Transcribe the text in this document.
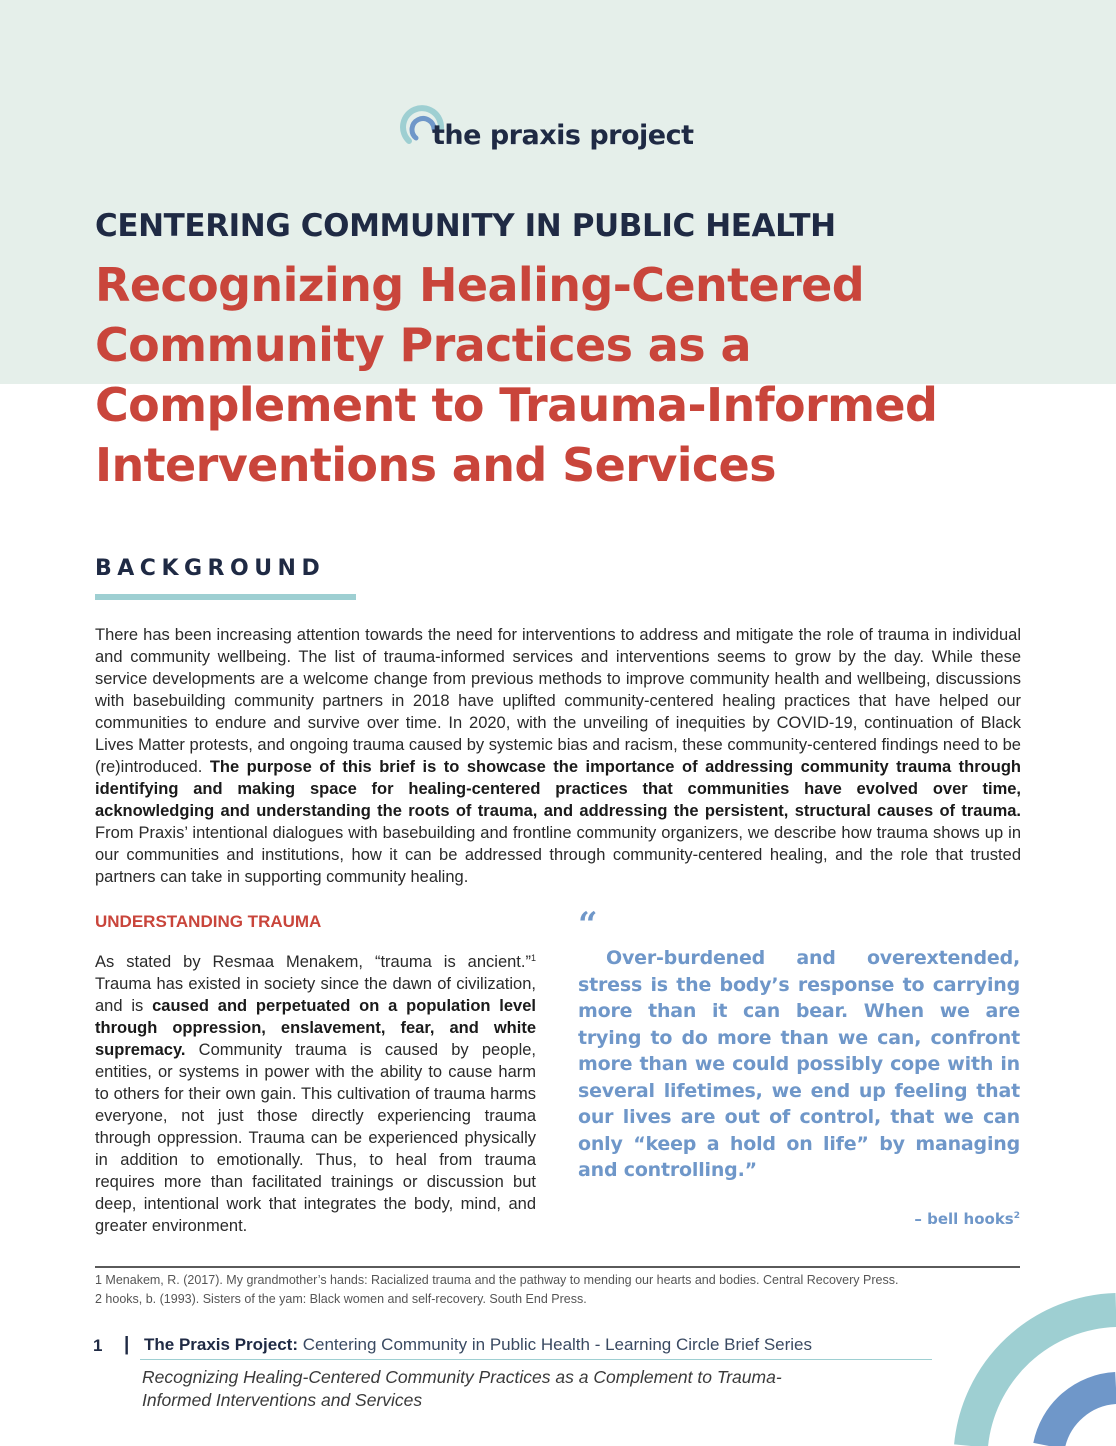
the praxis project
CENTERING COMMUNITY IN PUBLIC HEALTH
Recognizing Healing-Centered
Community Practices as a
Complement to Trauma-Informed
Interventions and Services
BACKGROUND

There has been increasing attention towards the need for interventions to address and mitigate the role of trauma in individual and community wellbeing. The list of trauma-informed services and interventions seems to grow by the day. While these service developments are a welcome change from previous methods to improve community health and wellbeing, discussions with basebuilding community partners in 2018 have uplifted community-centered healing practices that have helped our communities to endure and survive over time. In 2020, with the unveiling of inequities by COVID-19, continuation of Black Lives Matter protests, and ongoing trauma caused by systemic bias and racism, these community-centered findings need to be (re)introduced. The purpose of this brief is to showcase the importance of addressing community trauma through identifying and making space for healing-centered practices that communities have evolved over time, acknowledging and understanding the roots of trauma, and addressing the persistent, structural causes of trauma. From Praxis’ intentional dialogues with basebuilding and frontline community organizers, we describe how trauma shows up in our communities and institutions, how it can be addressed through community-centered healing, and the role that trusted partners can take in supporting community healing.

UNDERSTANDING TRAUMA

As stated by Resmaa Menakem, “trauma is ancient.”$^1$ Trauma has existed in society since the dawn of civilization, and is caused and perpetuated on a population level through oppression, enslavement, fear, and white supremacy. Community trauma is caused by people, entities, or systems in power with the ability to cause harm to others for their own gain. This cultivation of trauma harms everyone, not just those directly experiencing trauma through oppression. Trauma can be experienced physically in addition to emotionally. Thus, to heal from trauma requires more than facilitated trainings or discussion but deep, intentional work that integrates the body, mind, and greater environment.

“

Over-burdened and overextended, stress is the body’s response to carrying more than it can bear. When we are trying to do more than we can, confront more than we could possibly cope with in several lifetimes, we end up feeling that our lives are out of control, that we can only “keep a hold on life” by managing and controlling.”

– bell hooks$^2$
1 Menakem, R. (2017). My grandmother’s hands: Racialized trauma and the pathway to mending our hearts and bodies. Central Recovery Press.
2 hooks, b. (1993). Sisters of the yam: Black women and self-recovery. South End Press.
1 | The Praxis Project: Centering Community in Public Health - Learning Circle Brief Series
Recognizing Healing-Centered Community Practices as a Complement to Trauma-
Informed Interventions and Services
